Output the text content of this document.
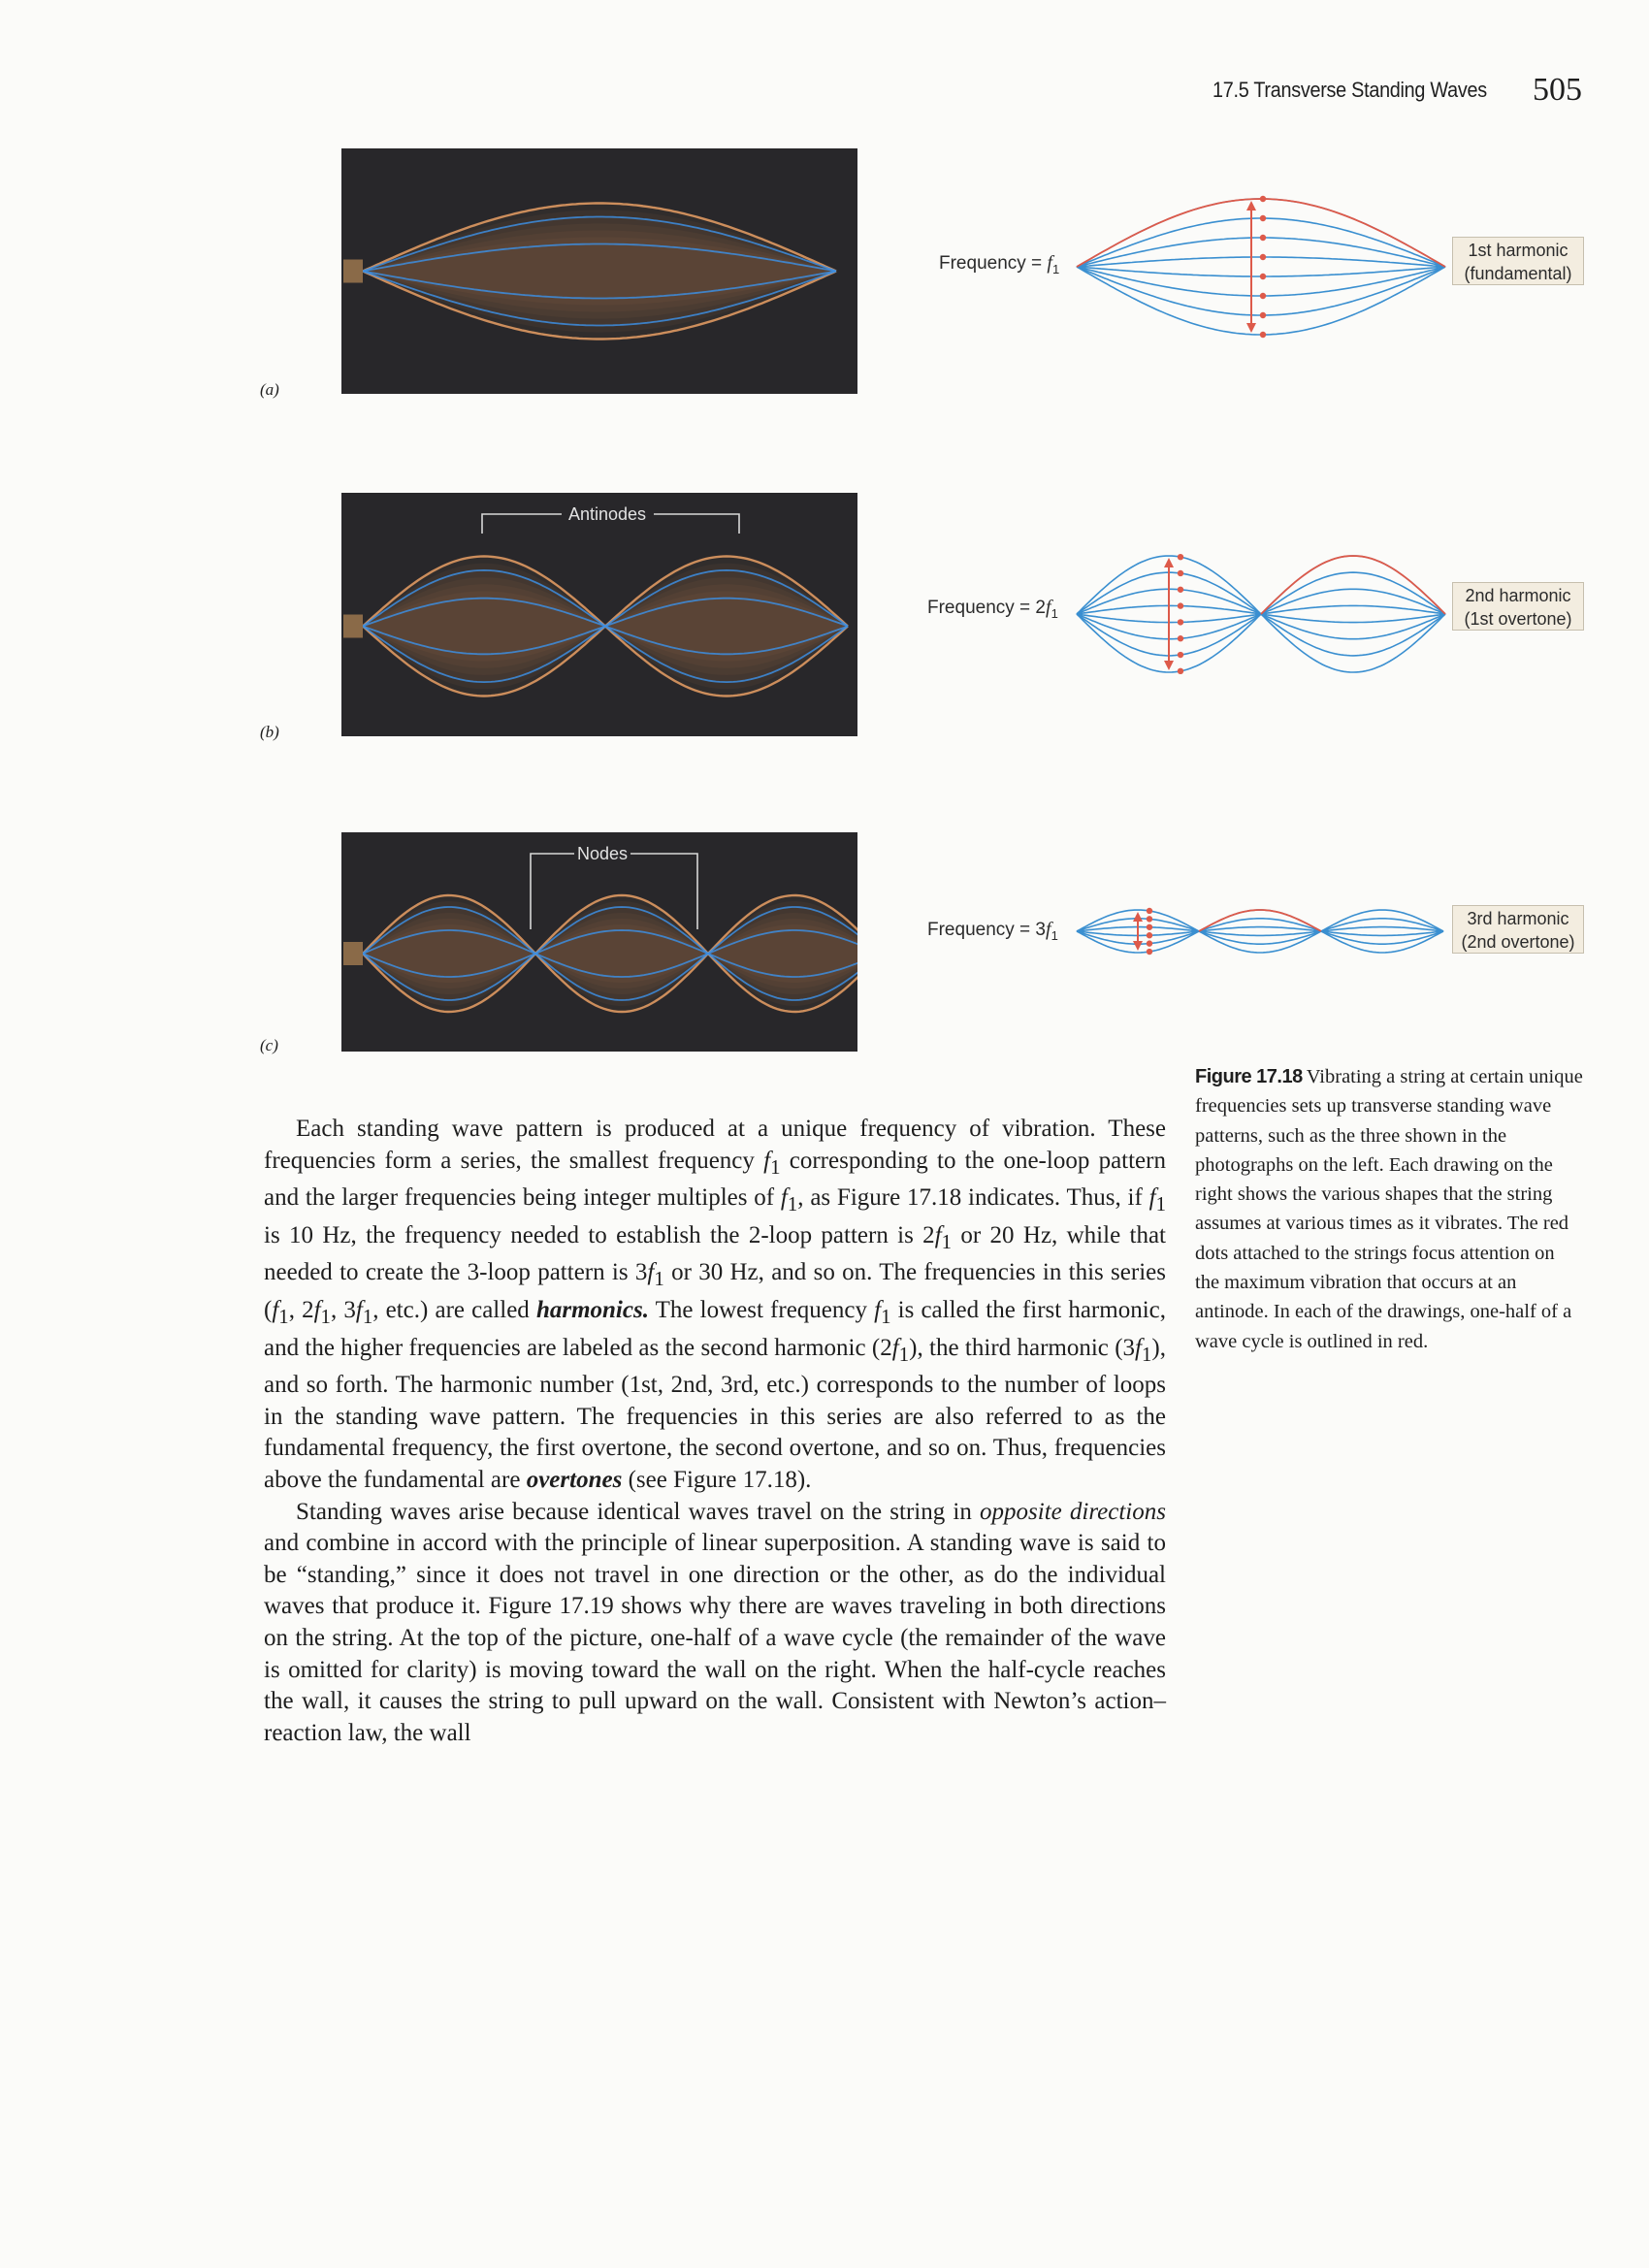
17.5 Transverse Standing Waves 505
(a)
Antinodes
(b)
Nodes
(c)
Frequency = $f_1$
Frequency = $2f_1$
Frequency = $3f_1$
1st harmonic
(fundamental)
2nd harmonic
(1st overtone)
3rd harmonic
(2nd overtone)
Figure 17.18 Vibrating a string at certain unique frequencies sets up transverse standing wave patterns, such as the three shown in the photographs on the left. Each drawing on the right shows the various shapes that the string assumes at various times as it vibrates. The red dots attached to the strings focus attention on the maximum vibration that occurs at an antinode. In each of the drawings, one-half of a wave cycle is outlined in red.

Each standing wave pattern is produced at a unique frequency of vibration. These frequencies form a series, the smallest frequency $f_1$ corresponding to the one-loop pattern and the larger frequencies being integer multiples of $f_1$, as Figure 17.18 indicates. Thus, if $f_1$ is 10 Hz, the frequency needed to establish the 2-loop pattern is $2f_1$ or 20 Hz, while that needed to create the 3-loop pattern is $3f_1$ or 30 Hz, and so on. The frequencies in this series ($f_1$, $2f_1$, $3f_1$, etc.) are called harmonics. The lowest frequency $f_1$ is called the first harmonic, and the higher frequencies are labeled as the second harmonic $(2f_1)$, the third harmonic $(3f_1)$, and so forth. The harmonic number (1st, 2nd, 3rd, etc.) corresponds to the number of loops in the standing wave pattern. The frequencies in this series are also referred to as the fundamental frequency, the first overtone, the second overtone, and so on. Thus, frequencies above the fundamental are overtones (see Figure 17.18).

Standing waves arise because identical waves travel on the string in opposite directions and combine in accord with the principle of linear superposition. A standing wave is said to be “standing,” since it does not travel in one direction or the other, as do the individual waves that produce it. Figure 17.19 shows why there are waves traveling in both directions on the string. At the top of the picture, one-half of a wave cycle (the remainder of the wave is omitted for clarity) is moving toward the wall on the right. When the half-cycle reaches the wall, it causes the string to pull upward on the wall. Consistent with Newton’s action–reaction law, the wall
